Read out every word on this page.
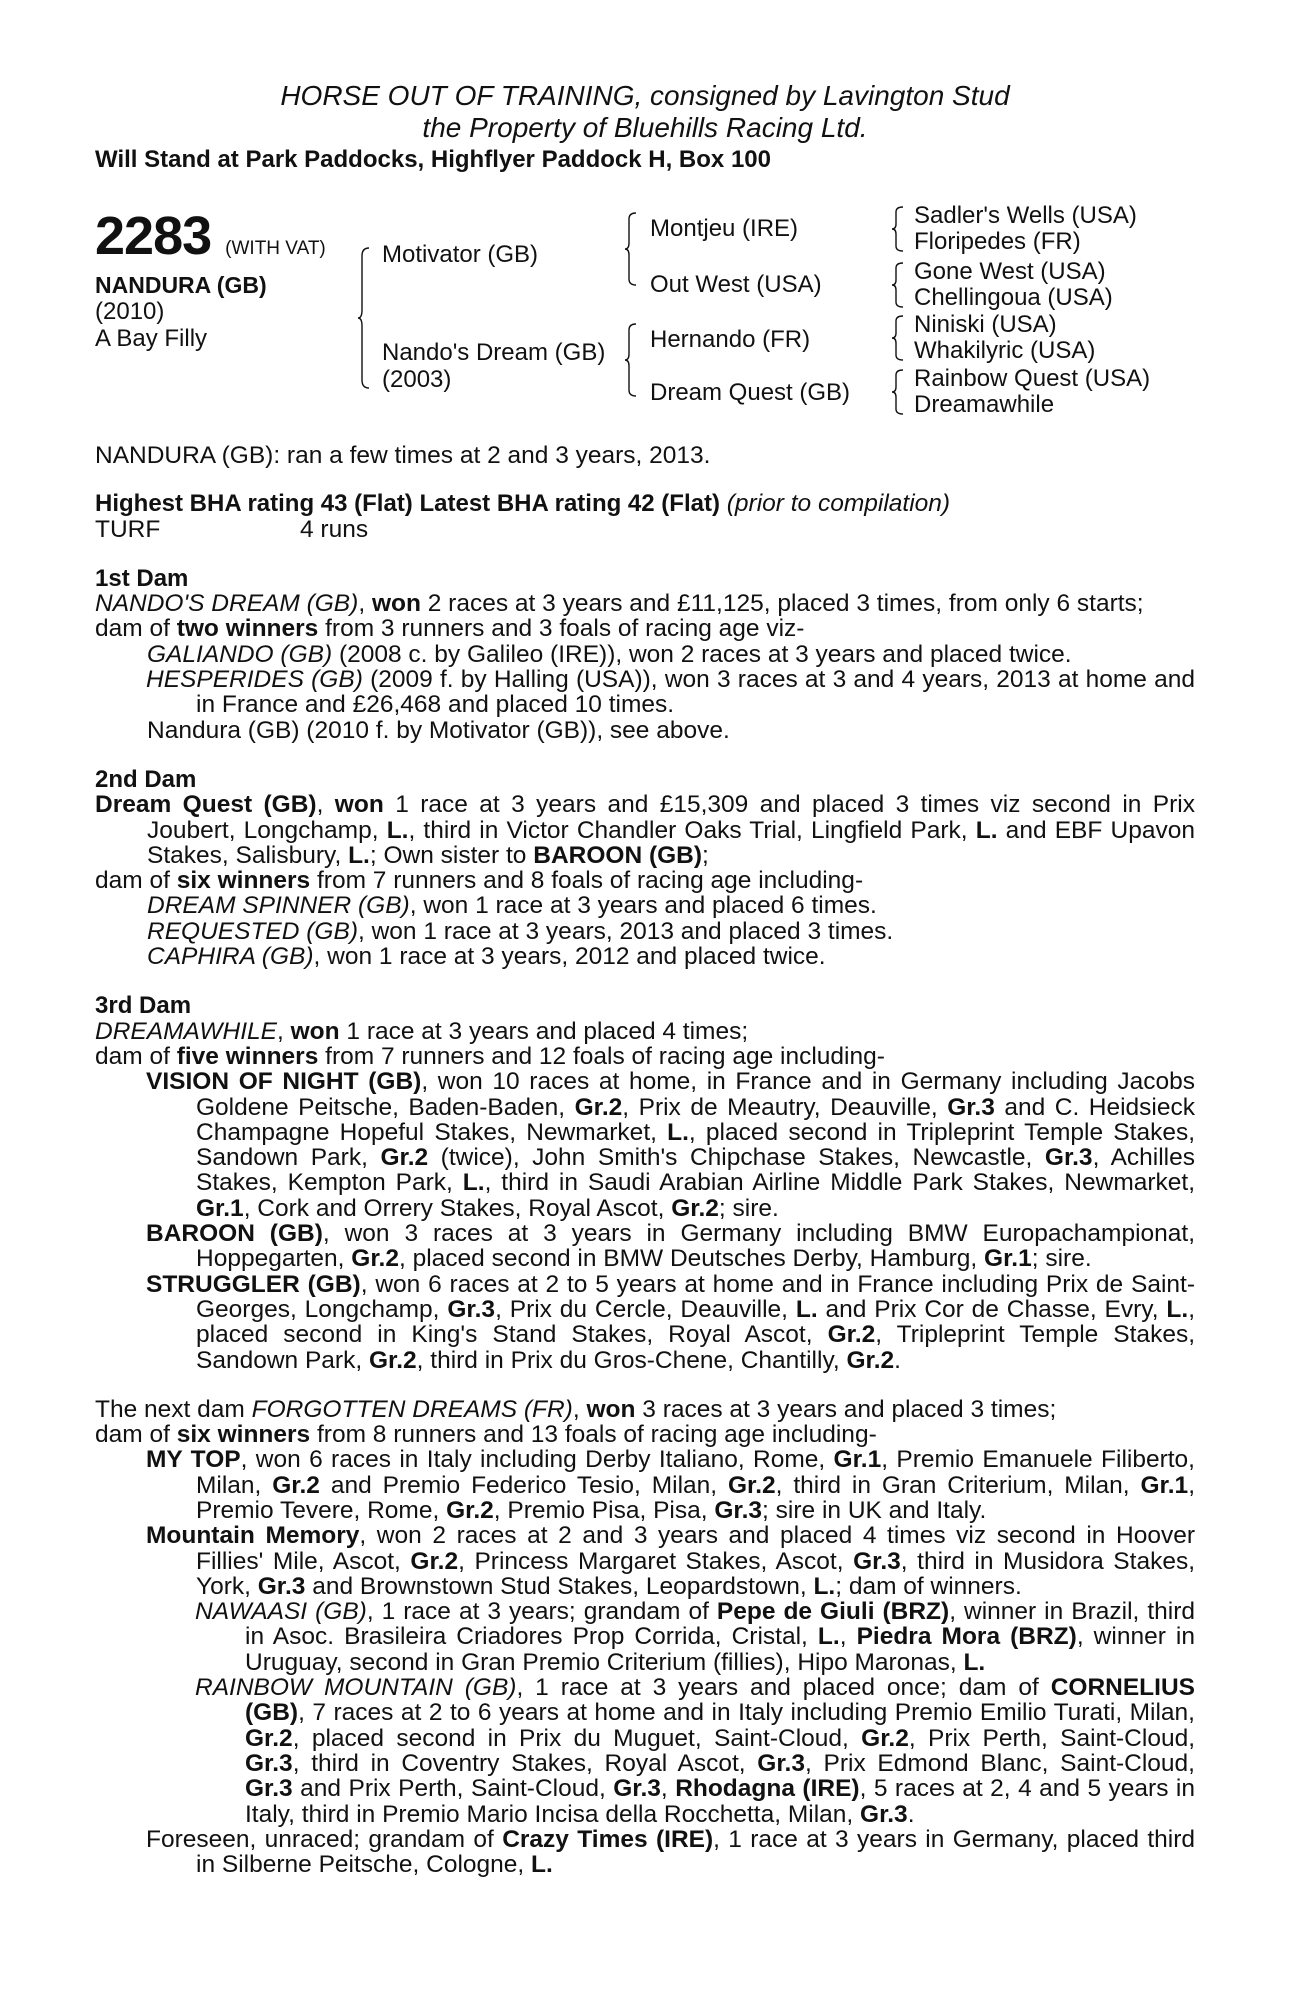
HORSE OUT OF TRAINING, consigned by Lavington Stud
the Property of Bluehills Racing Ltd.
Will Stand at Park Paddocks, Highflyer Paddock H, Box 100
2283 (WITH VAT)
NANDURA (GB)
(2010)
A Bay Filly
Motivator (GB)
Nando's Dream (GB)
(2003)
Montjeu (IRE)
Out West (USA)
Hernando (FR)
Dream Quest (GB)
Sadler's Wells (USA)
Floripedes (FR)
Gone West (USA)
Chellingoua (USA)
Niniski (USA)
Whakilyric (USA)
Rainbow Quest (USA)
Dreamawhile

NANDURA (GB): ran a few times at 2 and 3 years, 2013.

Highest BHA rating 43 (Flat) Latest BHA rating 42 (Flat) (prior to compilation)

TURF	4 runs

1st Dam

NANDO'S DREAM (GB), won 2 races at 3 years and £11,125, placed 3 times, from only 6 starts;

dam of two winners from 3 runners and 3 foals of racing age viz-

GALIANDO (GB) (2008 c. by Galileo (IRE)), won 2 races at 3 years and placed twice.

HESPERIDES (GB) (2009 f. by Halling (USA)), won 3 races at 3 and 4 years, 2013 at home and in France and £26,468 and placed 10 times.

Nandura (GB) (2010 f. by Motivator (GB)), see above.

2nd Dam

Dream Quest (GB), won 1 race at 3 years and £15,309 and placed 3 times viz second in Prix Joubert, Longchamp, L., third in Victor Chandler Oaks Trial, Lingfield Park, L. and EBF Upavon Stakes, Salisbury, L.; Own sister to BAROON (GB);

dam of six winners from 7 runners and 8 foals of racing age including-

DREAM SPINNER (GB), won 1 race at 3 years and placed 6 times.

REQUESTED (GB), won 1 race at 3 years, 2013 and placed 3 times.

CAPHIRA (GB), won 1 race at 3 years, 2012 and placed twice.

3rd Dam

DREAMAWHILE, won 1 race at 3 years and placed 4 times;

dam of five winners from 7 runners and 12 foals of racing age including-

VISION OF NIGHT (GB), won 10 races at home, in France and in Germany including Jacobs Goldene Peitsche, Baden-Baden, Gr.2, Prix de Meautry, Deauville, Gr.3 and C. Heidsieck Champagne Hopeful Stakes, Newmarket, L., placed second in Tripleprint Temple Stakes, Sandown Park, Gr.2 (twice), John Smith's Chipchase Stakes, Newcastle, Gr.3, Achilles Stakes, Kempton Park, L., third in Saudi Arabian Airline Middle Park Stakes, Newmarket, Gr.1, Cork and Orrery Stakes, Royal Ascot, Gr.2; sire.

BAROON (GB), won 3 races at 3 years in Germany including BMW Europachampionat, Hoppegarten, Gr.2, placed second in BMW Deutsches Derby, Hamburg, Gr.1; sire.

STRUGGLER (GB), won 6 races at 2 to 5 years at home and in France including Prix de Saint-Georges, Longchamp, Gr.3, Prix du Cercle, Deauville, L. and Prix Cor de Chasse, Evry, L., placed second in King's Stand Stakes, Royal Ascot, Gr.2, Tripleprint Temple Stakes, Sandown Park, Gr.2, third in Prix du Gros-Chene, Chantilly, Gr.2.

The next dam FORGOTTEN DREAMS (FR), won 3 races at 3 years and placed 3 times;

dam of six winners from 8 runners and 13 foals of racing age including-

MY TOP, won 6 races in Italy including Derby Italiano, Rome, Gr.1, Premio Emanuele Filiberto, Milan, Gr.2 and Premio Federico Tesio, Milan, Gr.2, third in Gran Criterium, Milan, Gr.1, Premio Tevere, Rome, Gr.2, Premio Pisa, Pisa, Gr.3; sire in UK and Italy.

Mountain Memory, won 2 races at 2 and 3 years and placed 4 times viz second in Hoover Fillies' Mile, Ascot, Gr.2, Princess Margaret Stakes, Ascot, Gr.3, third in Musidora Stakes, York, Gr.3 and Brownstown Stud Stakes, Leopardstown, L.; dam of winners.

NAWAASI (GB), 1 race at 3 years; grandam of Pepe de Giuli (BRZ), winner in Brazil, third in Asoc. Brasileira Criadores Prop Corrida, Cristal, L., Piedra Mora (BRZ), winner in Uruguay, second in Gran Premio Criterium (fillies), Hipo Maronas, L.

RAINBOW MOUNTAIN (GB), 1 race at 3 years and placed once; dam of CORNELIUS (GB), 7 races at 2 to 6 years at home and in Italy including Premio Emilio Turati, Milan, Gr.2, placed second in Prix du Muguet, Saint-Cloud, Gr.2, Prix Perth, Saint-Cloud, Gr.3, third in Coventry Stakes, Royal Ascot, Gr.3, Prix Edmond Blanc, Saint-Cloud, Gr.3 and Prix Perth, Saint-Cloud, Gr.3, Rhodagna (IRE), 5 races at 2, 4 and 5 years in Italy, third in Premio Mario Incisa della Rocchetta, Milan, Gr.3.

Foreseen, unraced; grandam of Crazy Times (IRE), 1 race at 3 years in Germany, placed third in Silberne Peitsche, Cologne, L.
